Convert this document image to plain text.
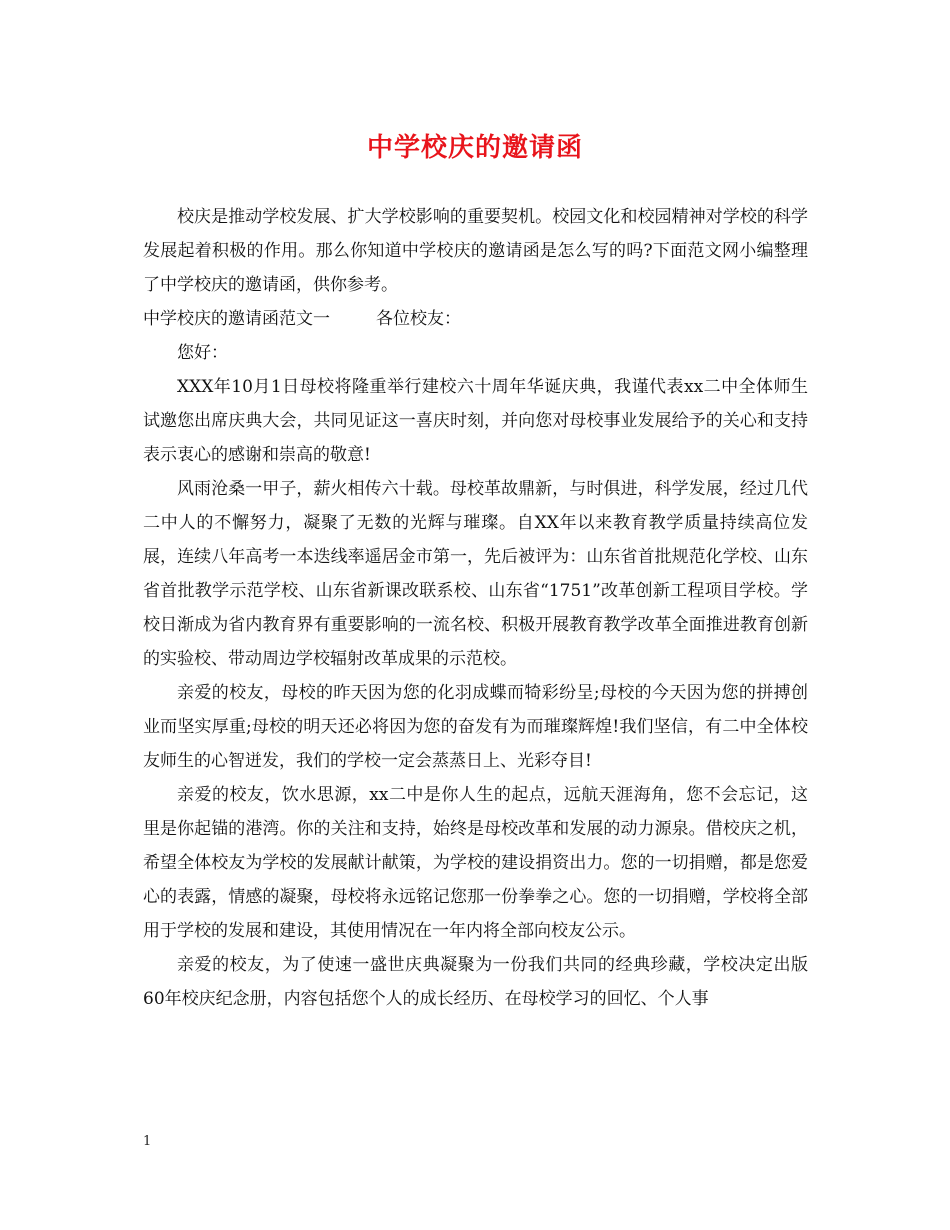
中学校庆的邀请函

校庆是推动学校发展、扩大学校影响的重要契机。校园文化和校园精神对学校的科学发展起着积极的作用。那么你知道中学校庆的邀请函是怎么写的吗?下面范文网小编整理了中学校庆的邀请函，供你参考。

中学校庆的邀请函范文一	各位校友：

您好：

XXX年10月1日母校将隆重举行建校六十周年华诞庆典，我谨代表xx二中全体师生试邀您出席庆典大会，共同见证这一喜庆时刻，并向您对母校事业发展给予的关心和支持表示衷心的感谢和崇高的敬意!

风雨沧桑一甲子，薪火相传六十载。母校革故鼎新，与时俱进，科学发展，经过几代二中人的不懈努力，凝聚了无数的光辉与璀璨。自XX年以来教育教学质量持续高位发展，连续八年高考一本迭线率遥居金市第一，先后被评为：山东省首批规范化学校、山东省首批教学示范学校、山东省新课改联系校、山东省“1751”改革创新工程项目学校。学校日渐成为省内教育界有重要影响的一流名校、积极开展教育教学改革全面推进教育创新的实验校、带动周边学校辐射改革成果的示范校。

亲爱的校友，母校的昨天因为您的化羽成蝶而犄彩纷呈;母校的今天因为您的拼搏创业而坚实厚重;母校的明天还必将因为您的奋发有为而璀璨辉煌!我们坚信，有二中全体校友师生的心智迸发，我们的学校一定会蒸蒸日上、光彩夺目!

亲爱的校友，饮水思源，xx二中是你人生的起点，远航天涯海角，您不会忘记，这里是你起锚的港湾。你的关注和支持，始终是母校改革和发展的动力源泉。借校庆之机，希望全体校友为学校的发展献计献策，为学校的建设捐资出力。您的一切捐赠，都是您爱心的表露，情感的凝聚，母校将永远铭记您那一份拳拳之心。您的一切捐赠，学校将全部用于学校的发展和建设，其使用情况在一年内将全部向校友公示。

亲爱的校友，为了使速一盛世庆典凝聚为一份我们共同的经典珍藏，学校决定出版60年校庆纪念册，内容包括您个人的成长经历、在母校学习的回忆、个人事

1
